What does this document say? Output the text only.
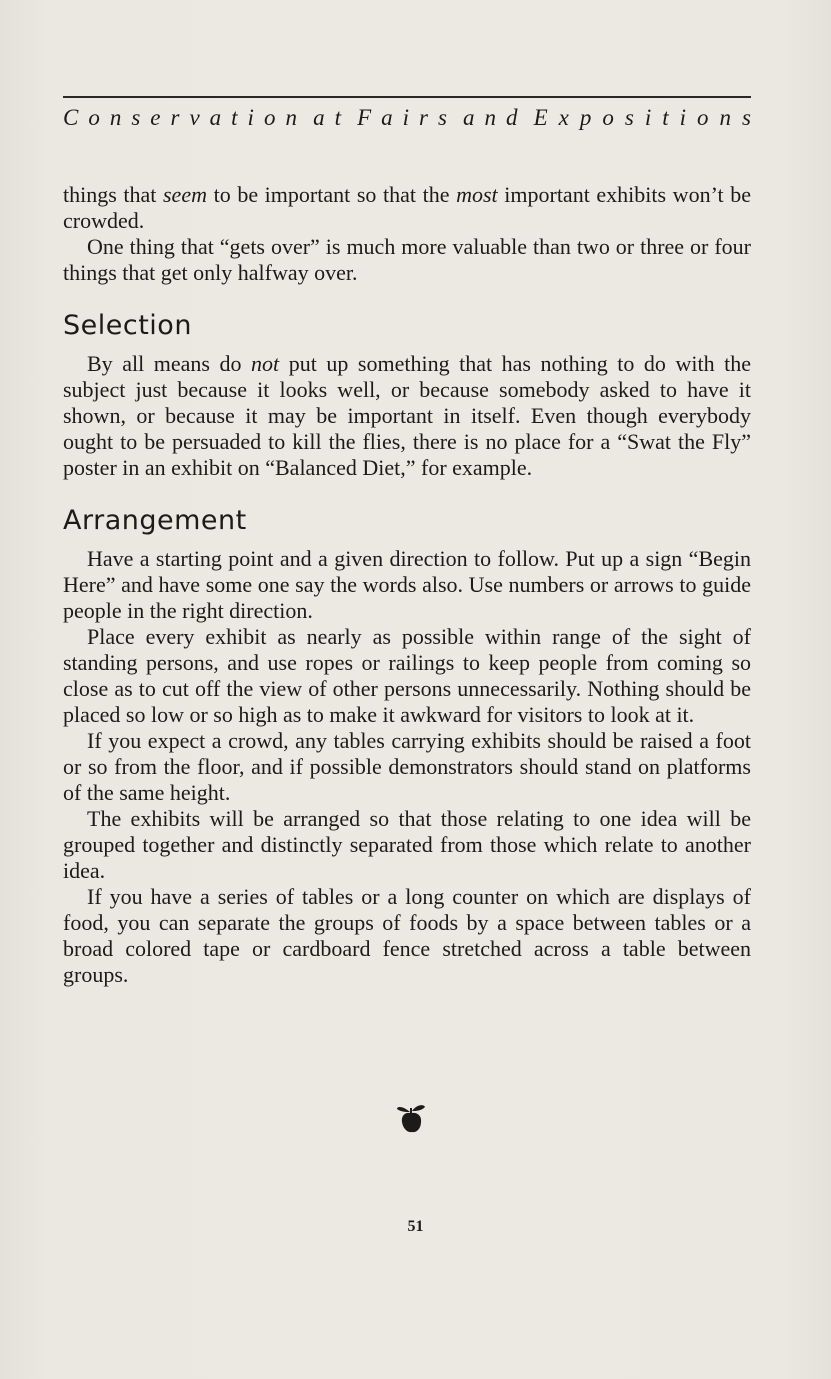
Conservation at Fairs and Expositions

things that seem to be important so that the most important exhibits won’t be crowded.

One thing that “gets over” is much more valuable than two or three or four things that get only halfway over.

Selection

By all means do not put up something that has nothing to do with the subject just because it looks well, or because somebody asked to have it shown, or because it may be important in itself. Even though everybody ought to be persuaded to kill the flies, there is no place for a “Swat the Fly” poster in an exhibit on “Balanced Diet,” for example.

Arrangement

Have a starting point and a given direction to follow. Put up a sign “Begin Here” and have some one say the words also. Use numbers or arrows to guide people in the right direction.

Place every exhibit as nearly as possible within range of the sight of standing persons, and use ropes or railings to keep people from coming so close as to cut off the view of other persons unnecessarily. Nothing should be placed so low or so high as to make it awkward for visitors to look at it.

If you expect a crowd, any tables carrying exhibits should be raised a foot or so from the floor, and if possible demonstrators should stand on platforms of the same height.

The exhibits will be arranged so that those relating to one idea will be grouped together and distinctly separated from those which relate to another idea.

If you have a series of tables or a long counter on which are displays of food, you can separate the groups of foods by a space between tables or a broad colored tape or cardboard fence stretched across a table between groups.

51
